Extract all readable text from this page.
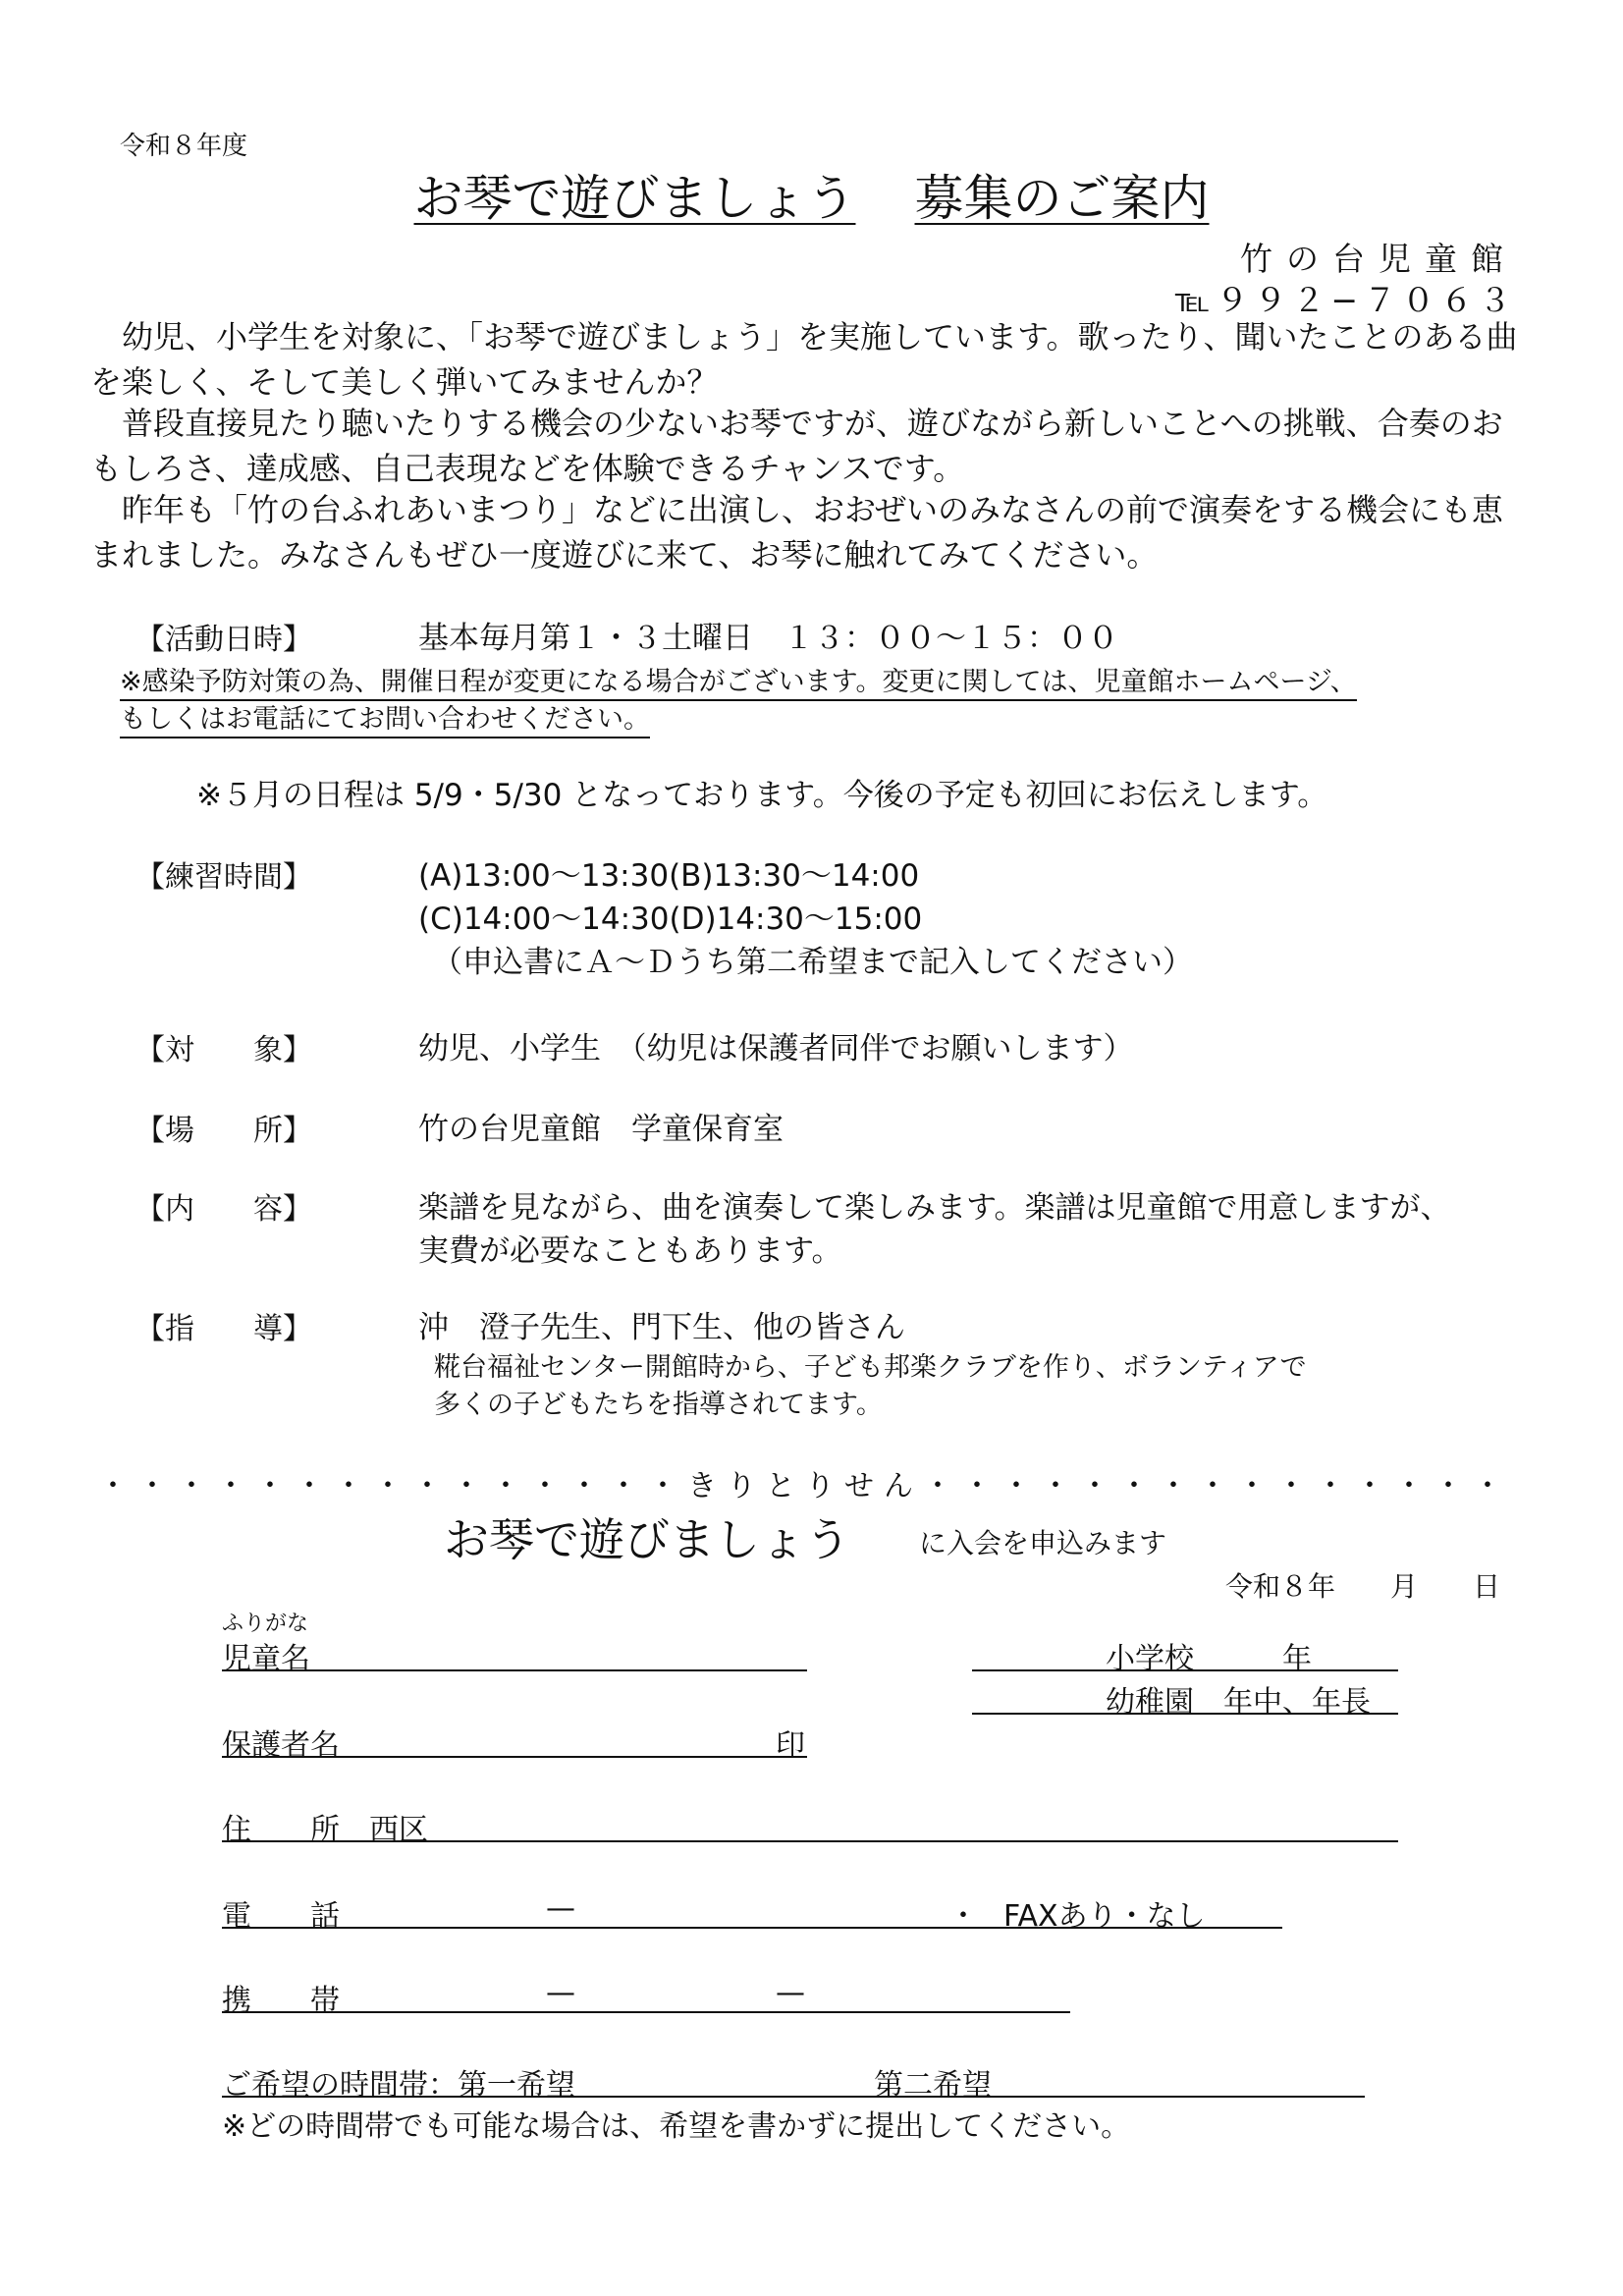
令和８年度
お琴で遊びましょう 募集のご案内
竹の台児童館
℡９９２−７０６３
　幼児、小学生を対象に、「お琴で遊びましょう」を実施しています。歌ったり、聞いたことのある曲を楽しく、そして美しく弾いてみませんか？
　普段直接見たり聴いたりする機会の少ないお琴ですが、遊びながら新しいことへの挑戦、合奏のおもしろさ、達成感、自己表現などを体験できるチャンスです。
　昨年も「竹の台ふれあいまつり」などに出演し、おおぜいのみなさんの前で演奏をする機会にも恵まれました。みなさんもぜひ一度遊びに来て、お琴に触れてみてください。
【活動日時】	基本毎月第１・３土曜日　１３：００〜１５：００
※感染予防対策の為、開催日程が変更になる場合がございます。変更に関しては、児童館ホームページ、
もしくはお電話にてお問い合わせください。
※５月の日程は 5/9・5/30 となっております。今後の予定も初回にお伝えします。
【練習時間】	(A)13:00〜13:30(B)13:30〜14:00
(C)14:00〜14:30(D)14:30〜15:00
（申込書にＡ〜Ｄうち第二希望まで記入してください）
【対　　象】	幼児、小学生　（幼児は保護者同伴でお願いします）
【場　　所】	竹の台児童館　学童保育室
【内　　容】	楽譜を見ながら、曲を演奏して楽しみます。楽譜は児童館で用意しますが、
実費が必要なこともあります。
【指　　導】	沖　澄子先生、門下生、他の皆さん
糀台福祉センター開館時から、子ども邦楽クラブを作り、ボランティアで
多くの子どもたちを指導されてます。
・・・・・・・・・・・・・・・きりとりせん・・・・・・・・・・・・・・・
お琴で遊びましょう	に入会を申込みます
令和８年　　月　　日
ふりがな
児童名	小学校　　　年
幼稚園　年中、年長
保護者名	印
住　　所　西区
電　　話	—	・ FAXあり・なし
携　　帯	—	—
ご希望の時間帯：第一希望	第二希望
※どの時間帯でも可能な場合は、希望を書かずに提出してください。
